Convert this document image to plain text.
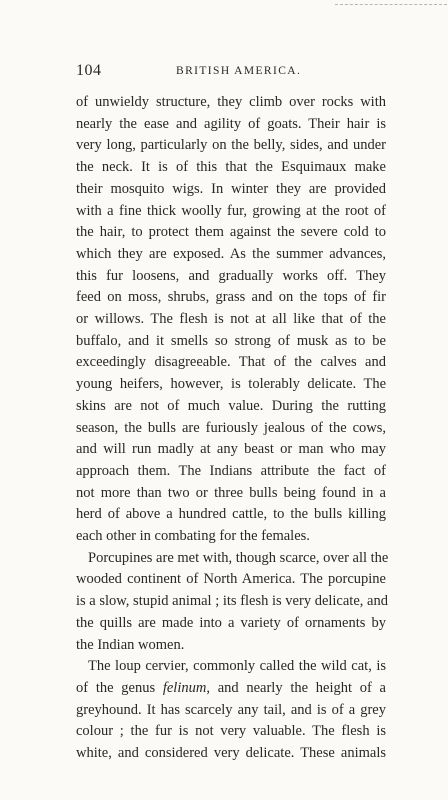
104	BRITISH AMERICA.

of unwieldy structure, they climb over rocks with
nearly the ease and agility of goats. Their hair is
very long, particularly on the belly, sides, and under
the neck. It is of this that the Esquimaux make
their mosquito wigs. In winter they are provided
with a fine thick woolly fur, growing at the root of
the hair, to protect them against the severe cold to
which they are exposed. As the summer advances,
this fur loosens, and gradually works off. They
feed on moss, shrubs, grass and on the tops of fir
or willows. The flesh is not at all like that of the
buffalo, and it smells so strong of musk as to be
exceedingly disagreeable. That of the calves and
young heifers, however, is tolerably delicate. The
skins are not of much value. During the rutting
season, the bulls are furiously jealous of the cows,
and will run madly at any beast or man who may
approach them. The Indians attribute the fact of
not more than two or three bulls being found in a
herd of above a hundred cattle, to the bulls killing
each other in combating for the females.

Porcupines are met with, though scarce, over all the
wooded continent of North America. The porcupine
is a slow, stupid animal ; its flesh is very delicate, and
the quills are made into a variety of ornaments by
the Indian women.

The loup cervier, commonly called the wild cat, is
of the genus felinum, and nearly the height of a
greyhound. It has scarcely any tail, and is of a grey
colour ; the fur is not very valuable. The flesh is
white, and considered very delicate. These animals
